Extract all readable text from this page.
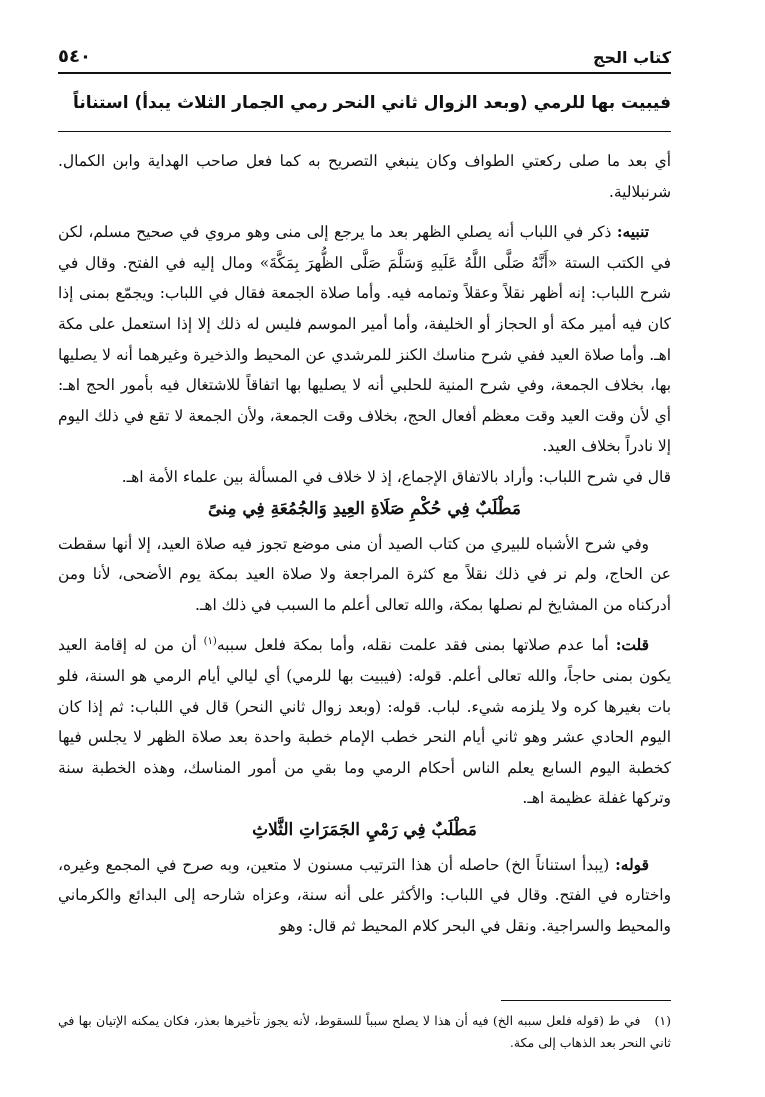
كتاب الحج
٥٤٠
فيبيت بها للرمي (وبعد الزوال ثاني النحر رمي الجمار الثلاث يبدأ) استناناً

أي بعد ما صلى ركعتي الطواف وكان ينبغي التصريح به كما فعل صاحب الهداية وابن الكمال. شرنبلالية.

تنبيه: ذكر في اللباب أنه يصلي الظهر بعد ما يرجع إلى منى وهو مروي في صحيح مسلم، لكن في الكتب الستة «أَنَّهُ صَلَّى اللَّهُ عَلَيهِ وَسَلَّمَ صَلَّى الظُّهرَ بِمَكَّةَ» ومال إليه في الفتح. وقال في شرح اللباب: إنه أظهر نقلاً وعقلاً وتمامه فيه. وأما صلاة الجمعة فقال في اللباب: ويجمّع بمنى إذا كان فيه أمير مكة أو الحجاز أو الخليفة، وأما أمير الموسم فليس له ذلك إلا إذا استعمل على مكة اهـ. وأما صلاة العيد ففي شرح مناسك الكنز للمرشدي عن المحيط والذخيرة وغيرهما أنه لا يصليها بها، بخلاف الجمعة، وفي شرح المنية للحلبي أنه لا يصليها بها اتفاقاً للاشتغال فيه بأمور الحج اهـ: أي لأن وقت العيد وقت معظم أفعال الحج، بخلاف وقت الجمعة، ولأن الجمعة لا تقع في ذلك اليوم إلا نادراً بخلاف العيد.

قال في شرح اللباب: وأراد بالاتفاق الإجماع، إذ لا خلاف في المسألة بين علماء الأمة اهـ.

مَطْلَبٌ فِي حُكْمِ صَلَاةِ العِيدِ وَالجُمُعَةِ فِي مِنىً

وفي شرح الأشباه للبيري من كتاب الصيد أن منى موضع تجوز فيه صلاة العيد، إلا أنها سقطت عن الحاج، ولم نر في ذلك نقلاً مع كثرة المراجعة ولا صلاة العيد بمكة يوم الأضحى، لأنا ومن أدركناه من المشايخ لم نصلها بمكة، والله تعالى أعلم ما السبب في ذلك اهـ.

قلت: أما عدم صلاتها بمنى فقد علمت نقله، وأما بمكة فلعل سببه$^{(١)}$ أن من له إقامة العيد يكون بمنى حاجاً، والله تعالى أعلم. قوله: (فيبيت بها للرمي) أي ليالي أيام الرمي هو السنة، فلو بات بغيرها كره ولا يلزمه شيء. لباب. قوله: (وبعد زوال ثاني النحر) قال في اللباب: ثم إذا كان اليوم الحادي عشر وهو ثاني أيام النحر خطب الإمام خطبة واحدة بعد صلاة الظهر لا يجلس فيها كخطبة اليوم السابع يعلم الناس أحكام الرمي وما بقي من أمور المناسك، وهذه الخطبة سنة وتركها غفلة عظيمة اهـ.

مَطْلَبٌ فِي رَمْيِ الجَمَرَاتِ الثَّلاثِ

قوله: (يبدأ استناناً الخ) حاصله أن هذا الترتيب مسنون لا متعين، وبه صرح في المجمع وغيره، واختاره في الفتح. وقال في اللباب: والأكثر على أنه سنة، وعزاه شارحه إلى البدائع والكرماني والمحيط والسراجية. ونقل في البحر كلام المحيط ثم قال: وهو

(١)في ط (قوله فلعل سببه الخ) فيه أن هذا لا يصلح سبباً للسقوط، لأنه يجوز تأخيرها بعذر، فكان يمكنه الإتيان بها في ثاني النحر بعد الذهاب إلى مكة.
